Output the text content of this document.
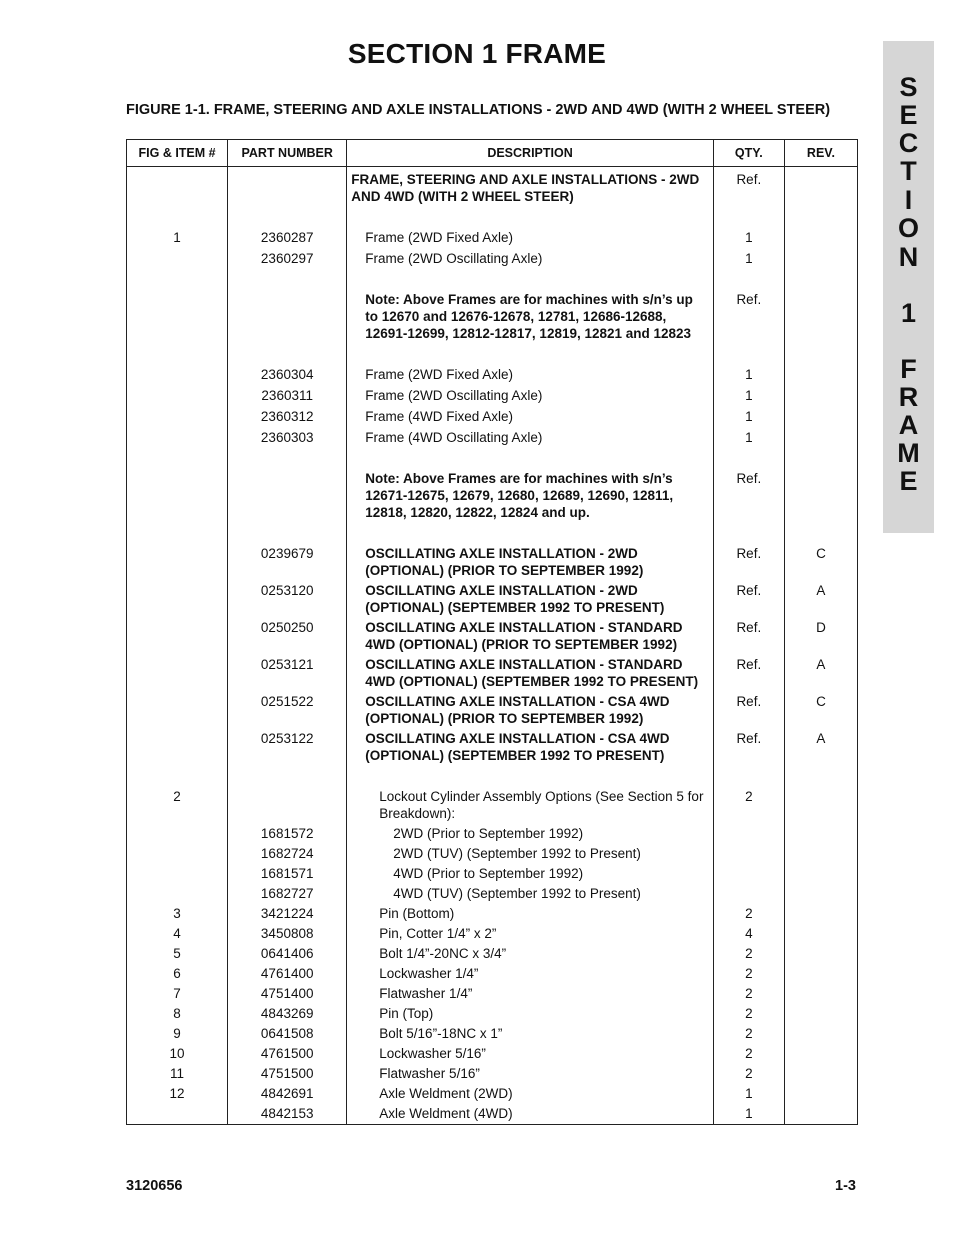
SECTION 1 FRAME
FIGURE 1-1. FRAME, STEERING AND AXLE INSTALLATIONS - 2WD AND 4WD (WITH 2 WHEEL STEER)
S
E
C
T
I
O
N
1
F
R
A
M
E
FIG & ITEM #	PART NUMBER	DESCRIPTION	QTY.	REV.
		FRAME, STEERING AND AXLE INSTALLATIONS - 2WD AND 4WD (WITH 2 WHEEL STEER)	Ref.	
1	2360287	Frame (2WD Fixed Axle)	1	
	2360297	Frame (2WD Oscillating Axle)	1	
		Note: Above Frames are for machines with s/n’s up to 12670 and 12676-12678, 12781, 12686-12688, 12691-12699, 12812-12817, 12819, 12821 and 12823	Ref.	
	2360304	Frame (2WD Fixed Axle)	1	
	2360311	Frame (2WD Oscillating Axle)	1	
	2360312	Frame (4WD Fixed Axle)	1	
	2360303	Frame (4WD Oscillating Axle)	1	
		Note: Above Frames are for machines with s/n’s 12671-12675, 12679, 12680, 12689, 12690, 12811, 12818, 12820, 12822, 12824 and up.	Ref.	
	0239679	OSCILLATING AXLE INSTALLATION - 2WD (OPTIONAL) (PRIOR TO SEPTEMBER 1992)	Ref.	C
	0253120	OSCILLATING AXLE INSTALLATION - 2WD (OPTIONAL) (SEPTEMBER 1992 TO PRESENT)	Ref.	A
	0250250	OSCILLATING AXLE INSTALLATION - STANDARD 4WD (OPTIONAL) (PRIOR TO SEPTEMBER 1992)	Ref.	D
	0253121	OSCILLATING AXLE INSTALLATION - STANDARD 4WD (OPTIONAL) (SEPTEMBER 1992 TO PRESENT)	Ref.	A
	0251522	OSCILLATING AXLE INSTALLATION - CSA 4WD (OPTIONAL) (PRIOR TO SEPTEMBER 1992)	Ref.	C
	0253122	OSCILLATING AXLE INSTALLATION - CSA 4WD (OPTIONAL) (SEPTEMBER 1992 TO PRESENT)	Ref.	A
2		Lockout Cylinder Assembly Options (See Section 5 for Breakdown):	2	
	1681572	2WD (Prior to September 1992)		
	1682724	2WD (TUV) (September 1992 to Present)		
	1681571	4WD (Prior to September 1992)		
	1682727	4WD (TUV) (September 1992 to Present)		
3	3421224	Pin (Bottom)	2	
4	3450808	Pin, Cotter 1/4” x 2”	4	
5	0641406	Bolt 1/4”-20NC x 3/4”	2	
6	4761400	Lockwasher 1/4”	2	
7	4751400	Flatwasher 1/4”	2	
8	4843269	Pin (Top)	2	
9	0641508	Bolt 5/16”-18NC x 1”	2	
10	4761500	Lockwasher 5/16”	2	
11	4751500	Flatwasher 5/16”	2	
12	4842691	Axle Weldment (2WD)	1	
	4842153	Axle Weldment (4WD)	1	
3120656	1-3
